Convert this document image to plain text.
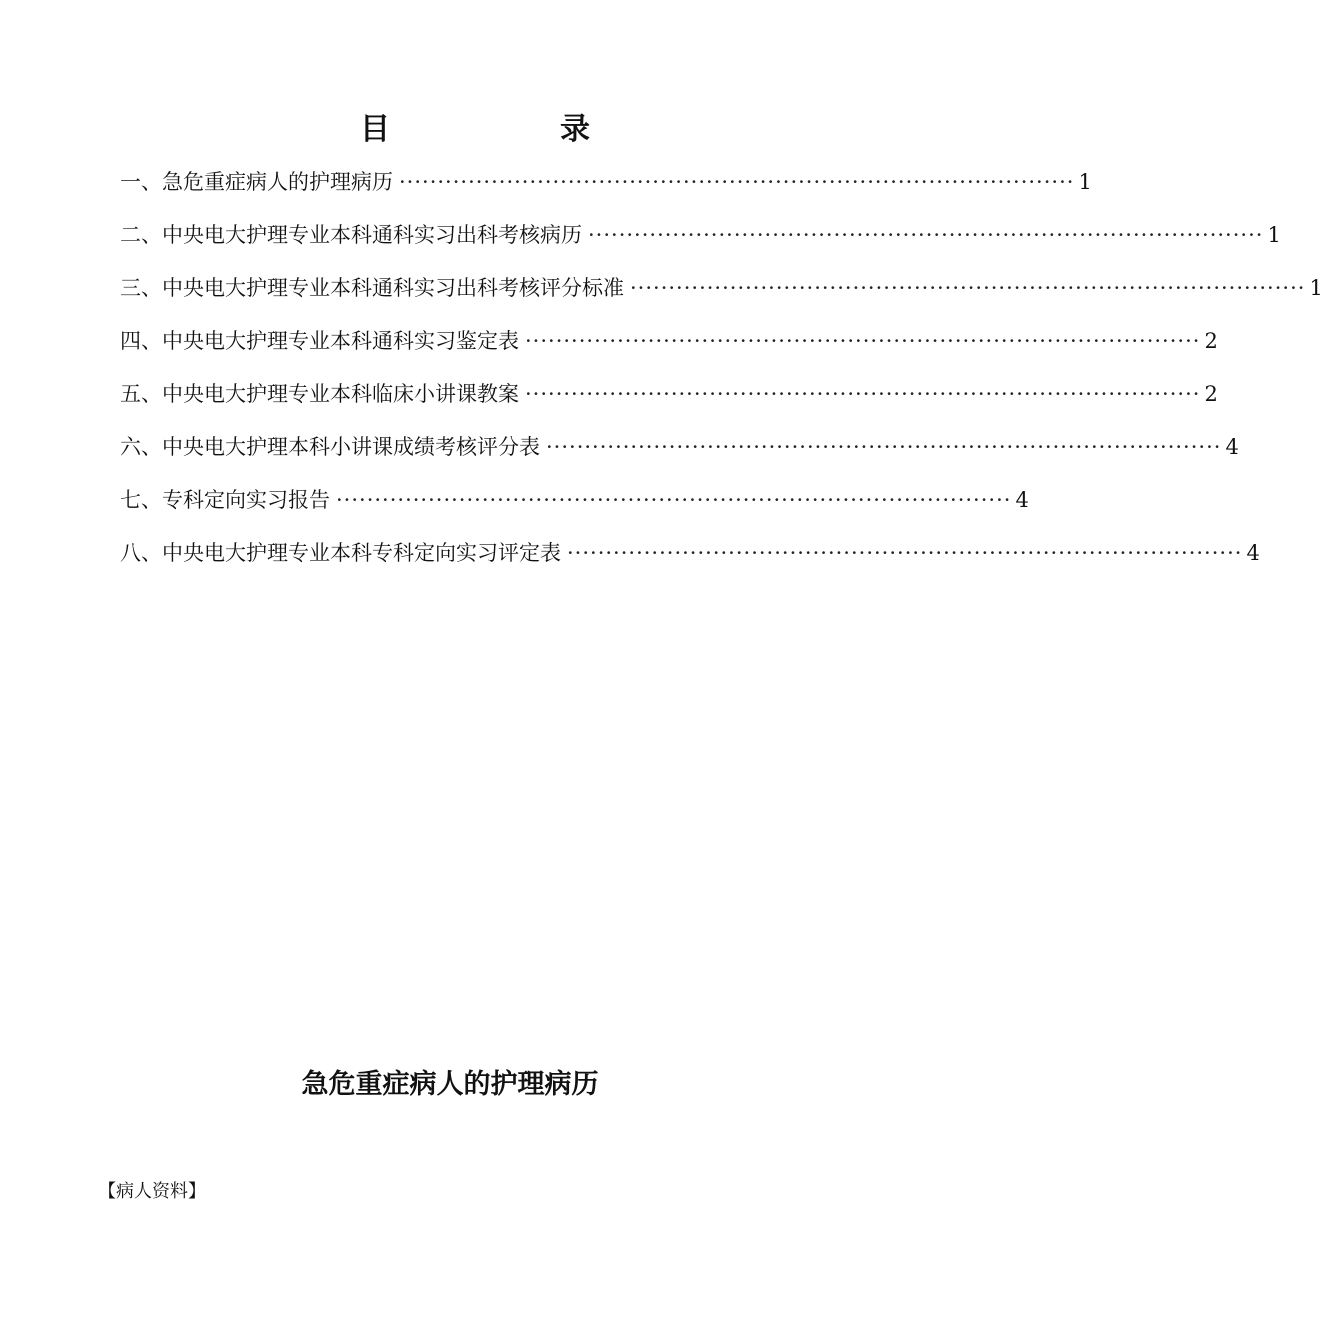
目	录
一、急危重症病人的护理病历 ························································································ 1
二、中央电大护理专业本科通科实习出科考核病历 ························································································ 1
三、中央电大护理专业本科通科实习出科考核评分标准 ························································································ 1
四、中央电大护理专业本科通科实习鉴定表 ························································································ 2
五、中央电大护理专业本科临床小讲课教案 ························································································ 2
六、中央电大护理本科小讲课成绩考核评分表 ························································································ 4
七、专科定向实习报告 ························································································ 4
八、中央电大护理专业本科专科定向实习评定表 ························································································ 4
急危重症病人的护理病历
【病人资料】
